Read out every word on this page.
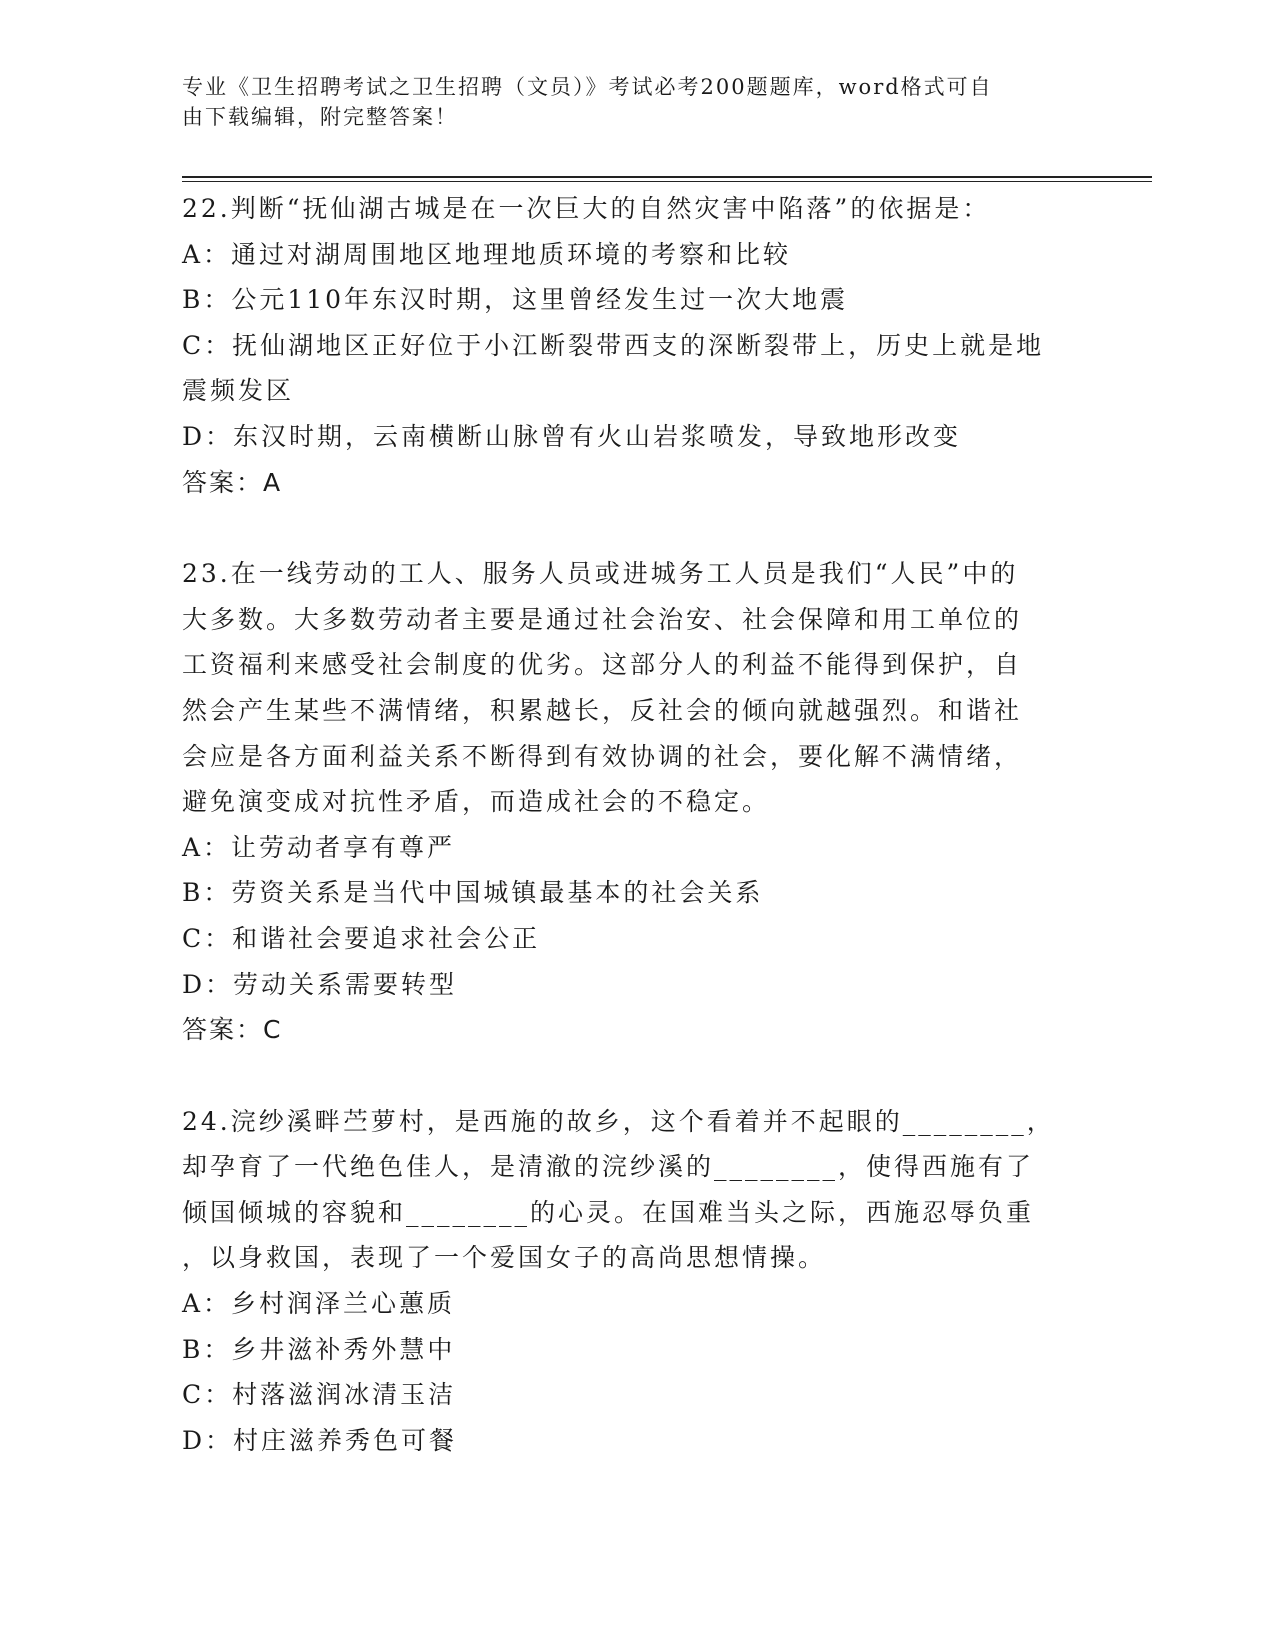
专业《卫生招聘考试之卫生招聘（文员）》考试必考200题题库，word格式可自
由下载编辑，附完整答案！
22.判断“抚仙湖古城是在一次巨大的自然灾害中陷落”的依据是：
A：通过对湖周围地区地理地质环境的考察和比较
B：公元110年东汉时期，这里曾经发生过一次大地震
C：抚仙湖地区正好位于小江断裂带西支的深断裂带上，历史上就是地
震频发区
D：东汉时期，云南横断山脉曾有火山岩浆喷发，导致地形改变
答案：A
23.在一线劳动的工人、服务人员或进城务工人员是我们“人民”中的
大多数。大多数劳动者主要是通过社会治安、社会保障和用工单位的
工资福利来感受社会制度的优劣。这部分人的利益不能得到保护，自
然会产生某些不满情绪，积累越长，反社会的倾向就越强烈。和谐社
会应是各方面利益关系不断得到有效协调的社会，要化解不满情绪，
避免演变成对抗性矛盾，而造成社会的不稳定。
A：让劳动者享有尊严
B：劳资关系是当代中国城镇最基本的社会关系
C：和谐社会要追求社会公正
D：劳动关系需要转型
答案：C
24.浣纱溪畔苎萝村，是西施的故乡，这个看着并不起眼的________，
却孕育了一代绝色佳人，是清澈的浣纱溪的________，使得西施有了
倾国倾城的容貌和________的心灵。在国难当头之际，西施忍辱负重
，以身救国，表现了一个爱国女子的高尚思想情操。
A：乡村润泽兰心蕙质
B：乡井滋补秀外慧中
C：村落滋润冰清玉洁
D：村庄滋养秀色可餐
